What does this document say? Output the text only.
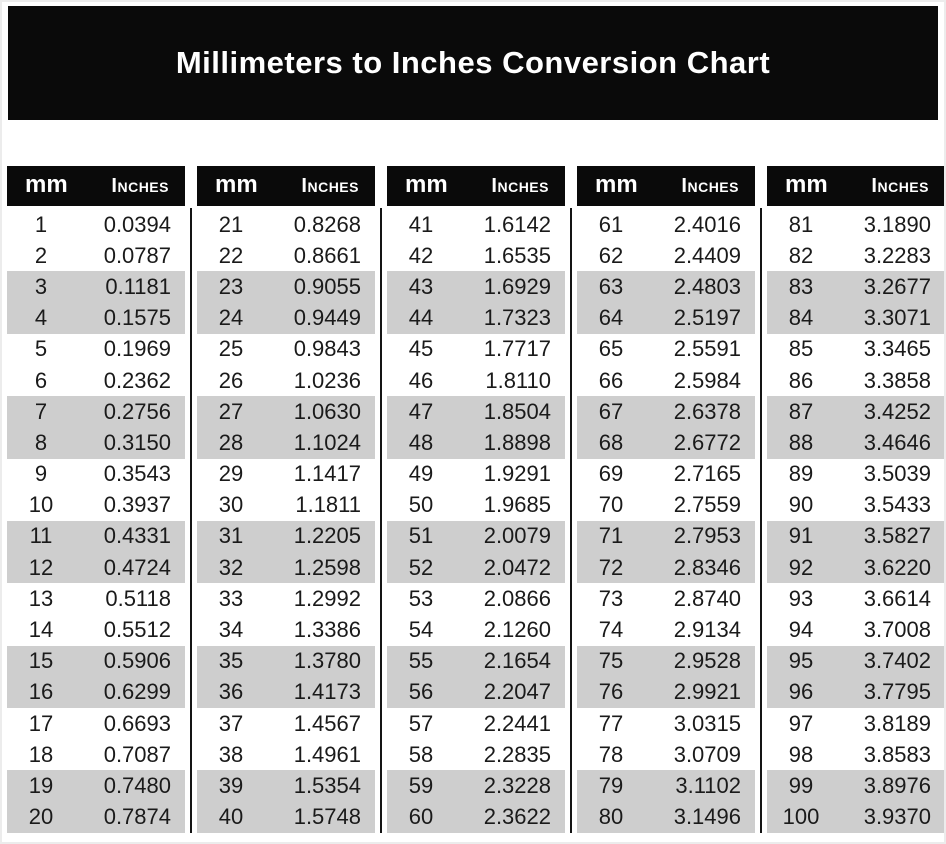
Millimeters to Inches Conversion Chart
mm Inches
1	0.0394
2	0.0787
3	0.1181
4	0.1575
5	0.1969
6	0.2362
7	0.2756
8	0.3150
9	0.3543
10	0.3937
11	0.4331
12	0.4724
13	0.5118
14	0.5512
15	0.5906
16	0.6299
17	0.6693
18	0.7087
19	0.7480
20	0.7874
mm Inches
21	0.8268
22	0.8661
23	0.9055
24	0.9449
25	0.9843
26	1.0236
27	1.0630
28	1.1024
29	1.1417
30	1.1811
31	1.2205
32	1.2598
33	1.2992
34	1.3386
35	1.3780
36	1.4173
37	1.4567
38	1.4961
39	1.5354
40	1.5748
mm Inches
41	1.6142
42	1.6535
43	1.6929
44	1.7323
45	1.7717
46	1.8110
47	1.8504
48	1.8898
49	1.9291
50	1.9685
51	2.0079
52	2.0472
53	2.0866
54	2.1260
55	2.1654
56	2.2047
57	2.2441
58	2.2835
59	2.3228
60	2.3622
mm Inches
61	2.4016
62	2.4409
63	2.4803
64	2.5197
65	2.5591
66	2.5984
67	2.6378
68	2.6772
69	2.7165
70	2.7559
71	2.7953
72	2.8346
73	2.8740
74	2.9134
75	2.9528
76	2.9921
77	3.0315
78	3.0709
79	3.1102
80	3.1496
mm Inches
81	3.1890
82	3.2283
83	3.2677
84	3.3071
85	3.3465
86	3.3858
87	3.4252
88	3.4646
89	3.5039
90	3.5433
91	3.5827
92	3.6220
93	3.6614
94	3.7008
95	3.7402
96	3.7795
97	3.8189
98	3.8583
99	3.8976
100	3.9370
